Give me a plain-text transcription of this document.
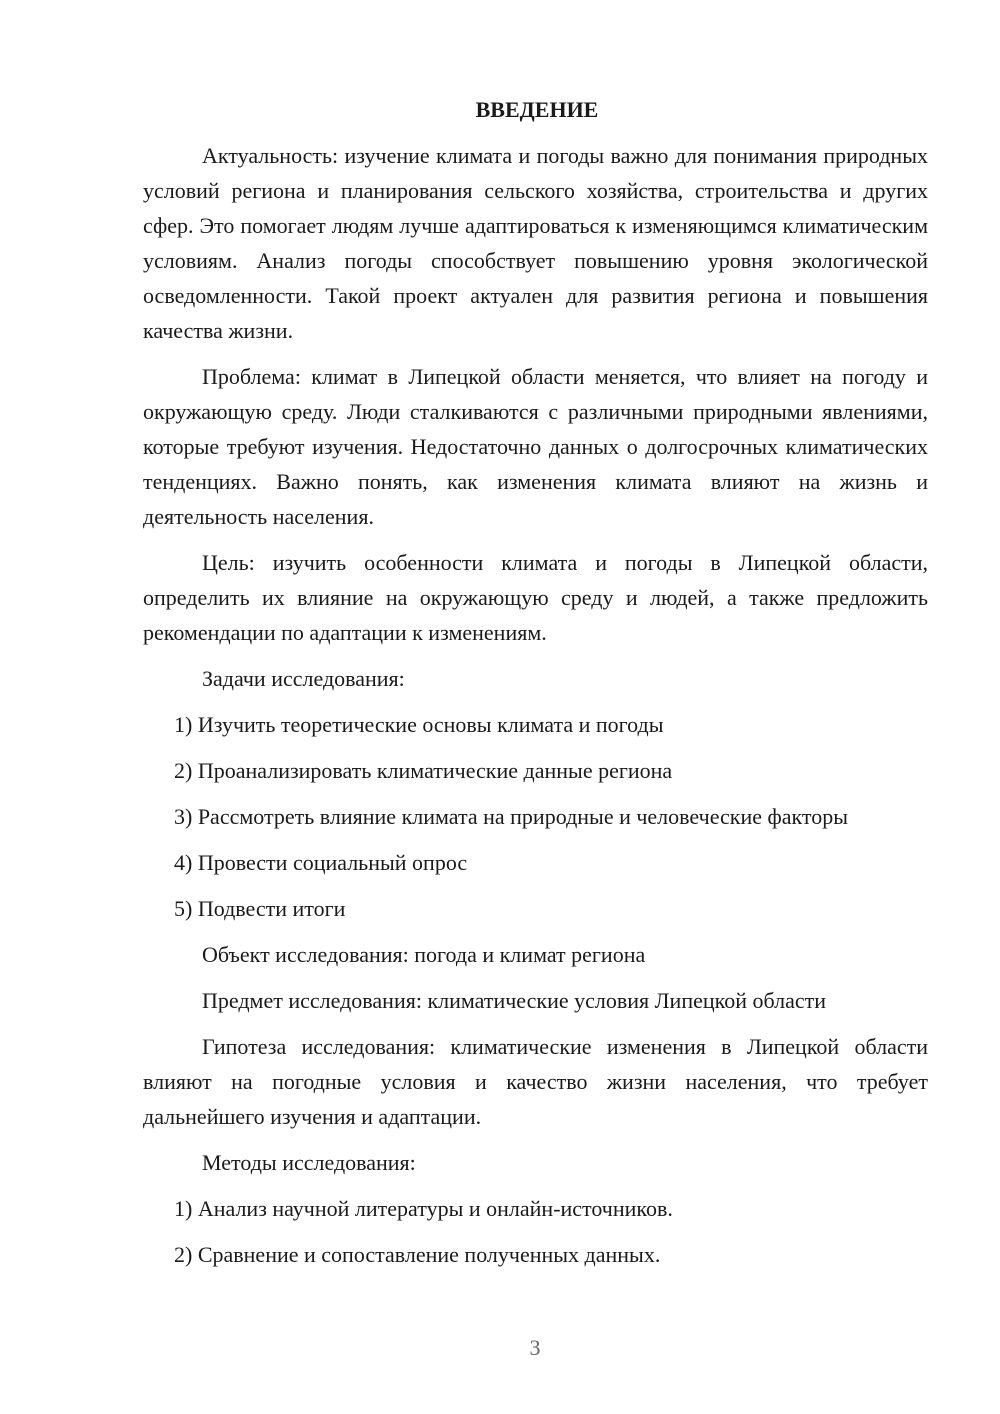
ВВЕДЕНИЕ

Актуальность: изучение климата и погоды важно для понимания природных условий региона и планирования сельского хозяйства, строительства и других сфер. Это помогает людям лучше адаптироваться к изменяющимся климатическим условиям. Анализ погоды способствует повышению уровня экологической осведомленности. Такой проект актуален для развития региона и повышения качества жизни.

Проблема: климат в Липецкой области меняется, что влияет на погоду и окружающую среду. Люди сталкиваются с различными природными явлениями, которые требуют изучения. Недостаточно данных о долгосрочных климатических тенденциях. Важно понять, как изменения климата влияют на жизнь и деятельность населения.

Цель: изучить особенности климата и погоды в Липецкой области, определить их влияние на окружающую среду и людей, а также предложить рекомендации по адаптации к изменениям.

Задачи исследования:

1) Изучить теоретические основы климата и погоды

2) Проанализировать климатические данные региона

3) Рассмотреть влияние климата на природные и человеческие факторы

4) Провести социальный опрос

5) Подвести итоги

Объект исследования: погода и климат региона

Предмет исследования: климатические условия Липецкой области

Гипотеза исследования: климатические изменения в Липецкой области влияют на погодные условия и качество жизни населения, что требует дальнейшего изучения и адаптации.

Методы исследования:

1) Анализ научной литературы и онлайн-источников.

2) Сравнение и сопоставление полученных данных.

3
